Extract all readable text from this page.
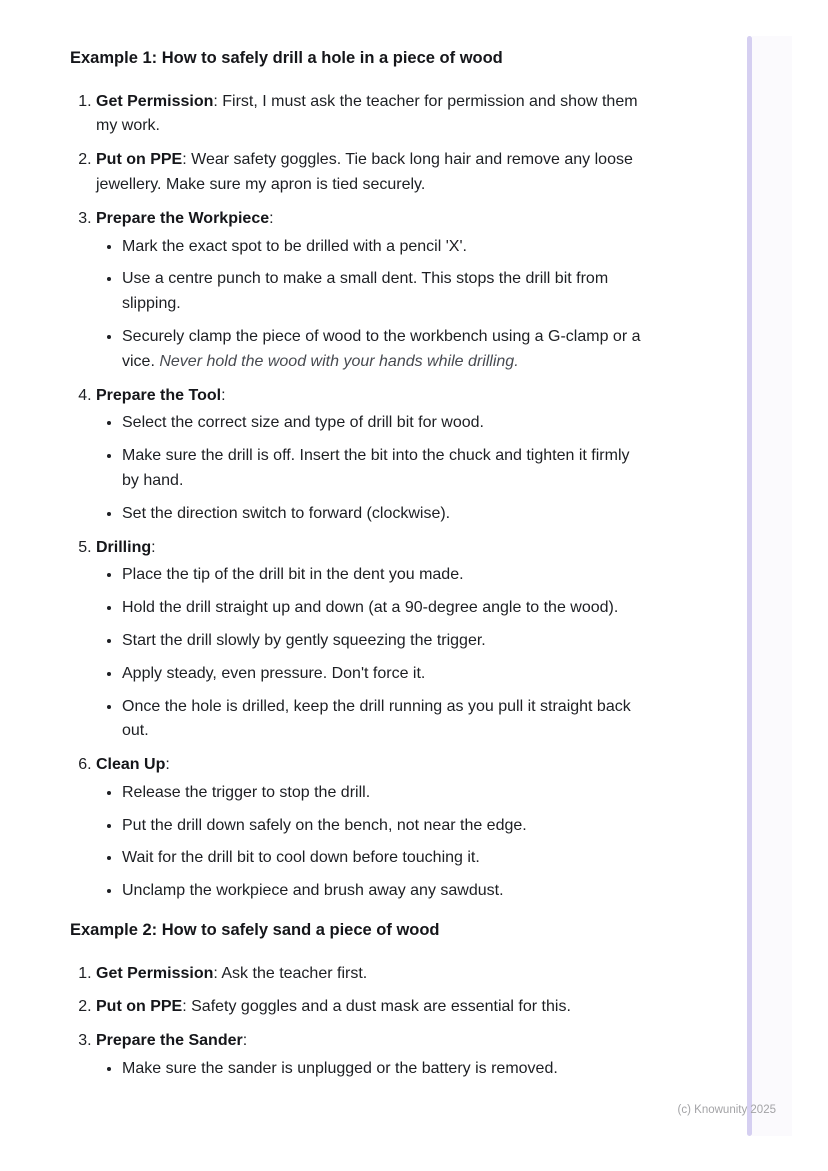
Example 1: How to safely drill a hole in a piece of wood
1. Get Permission: First, I must ask the teacher for permission and show them my work.
2. Put on PPE: Wear safety goggles. Tie back long hair and remove any loose jewellery. Make sure my apron is tied securely.
3. Prepare the Workpiece:
• Mark the exact spot to be drilled with a pencil 'X'.
• Use a centre punch to make a small dent. This stops the drill bit from slipping.
• Securely clamp the piece of wood to the workbench using a G-clamp or a vice. Never hold the wood with your hands while drilling.
4. Prepare the Tool:
• Select the correct size and type of drill bit for wood.
• Make sure the drill is off. Insert the bit into the chuck and tighten it firmly by hand.
• Set the direction switch to forward (clockwise).
5. Drilling:
• Place the tip of the drill bit in the dent you made.
• Hold the drill straight up and down (at a 90-degree angle to the wood).
• Start the drill slowly by gently squeezing the trigger.
• Apply steady, even pressure. Don't force it.
• Once the hole is drilled, keep the drill running as you pull it straight back out.
6. Clean Up:
• Release the trigger to stop the drill.
• Put the drill down safely on the bench, not near the edge.
• Wait for the drill bit to cool down before touching it.
• Unclamp the workpiece and brush away any sawdust.
Example 2: How to safely sand a piece of wood
1. Get Permission: Ask the teacher first.
2. Put on PPE: Safety goggles and a dust mask are essential for this.
3. Prepare the Sander:
• Make sure the sander is unplugged or the battery is removed.
(c) Knowunity 2025
